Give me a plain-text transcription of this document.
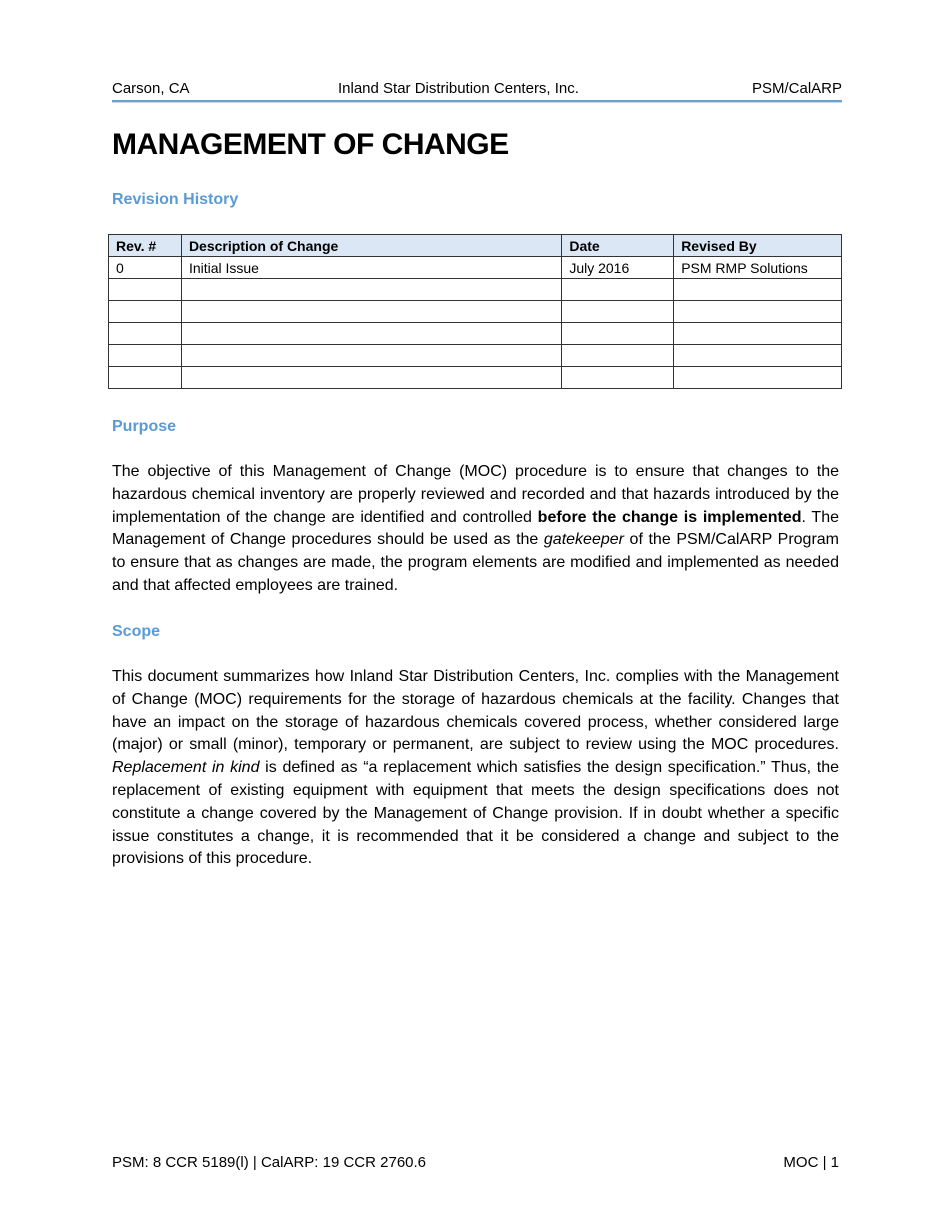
Carson, CA	Inland Star Distribution Centers, Inc.	PSM/CalARP
MANAGEMENT OF CHANGE
Revision History
Rev. #	Description of Change	Date	Revised By
0	Initial Issue	July 2016	PSM RMP Solutions

Purpose

The objective of this Management of Change (MOC) procedure is to ensure that changes to the hazardous chemical inventory are properly reviewed and recorded and that hazards introduced by the implementation of the change are identified and controlled before the change is implemented. The Management of Change procedures should be used as the gatekeeper of the PSM/CalARP Program to ensure that as changes are made, the program elements are modified and implemented as needed and that affected employees are trained.

Scope

This document summarizes how Inland Star Distribution Centers, Inc. complies with the Management of Change (MOC) requirements for the storage of hazardous chemicals at the facility. Changes that have an impact on the storage of hazardous chemicals covered process, whether considered large (major) or small (minor), temporary or permanent, are subject to review using the MOC procedures. Replacement in kind is defined as “a replacement which satisfies the design specification.” Thus, the replacement of existing equipment with equipment that meets the design specifications does not constitute a change covered by the Management of Change provision. If in doubt whether a specific issue constitutes a change, it is recommended that it be considered a change and subject to the provisions of this procedure.

PSM: 8 CCR 5189(l) | CalARP: 19 CCR 2760.6	MOC | 1
